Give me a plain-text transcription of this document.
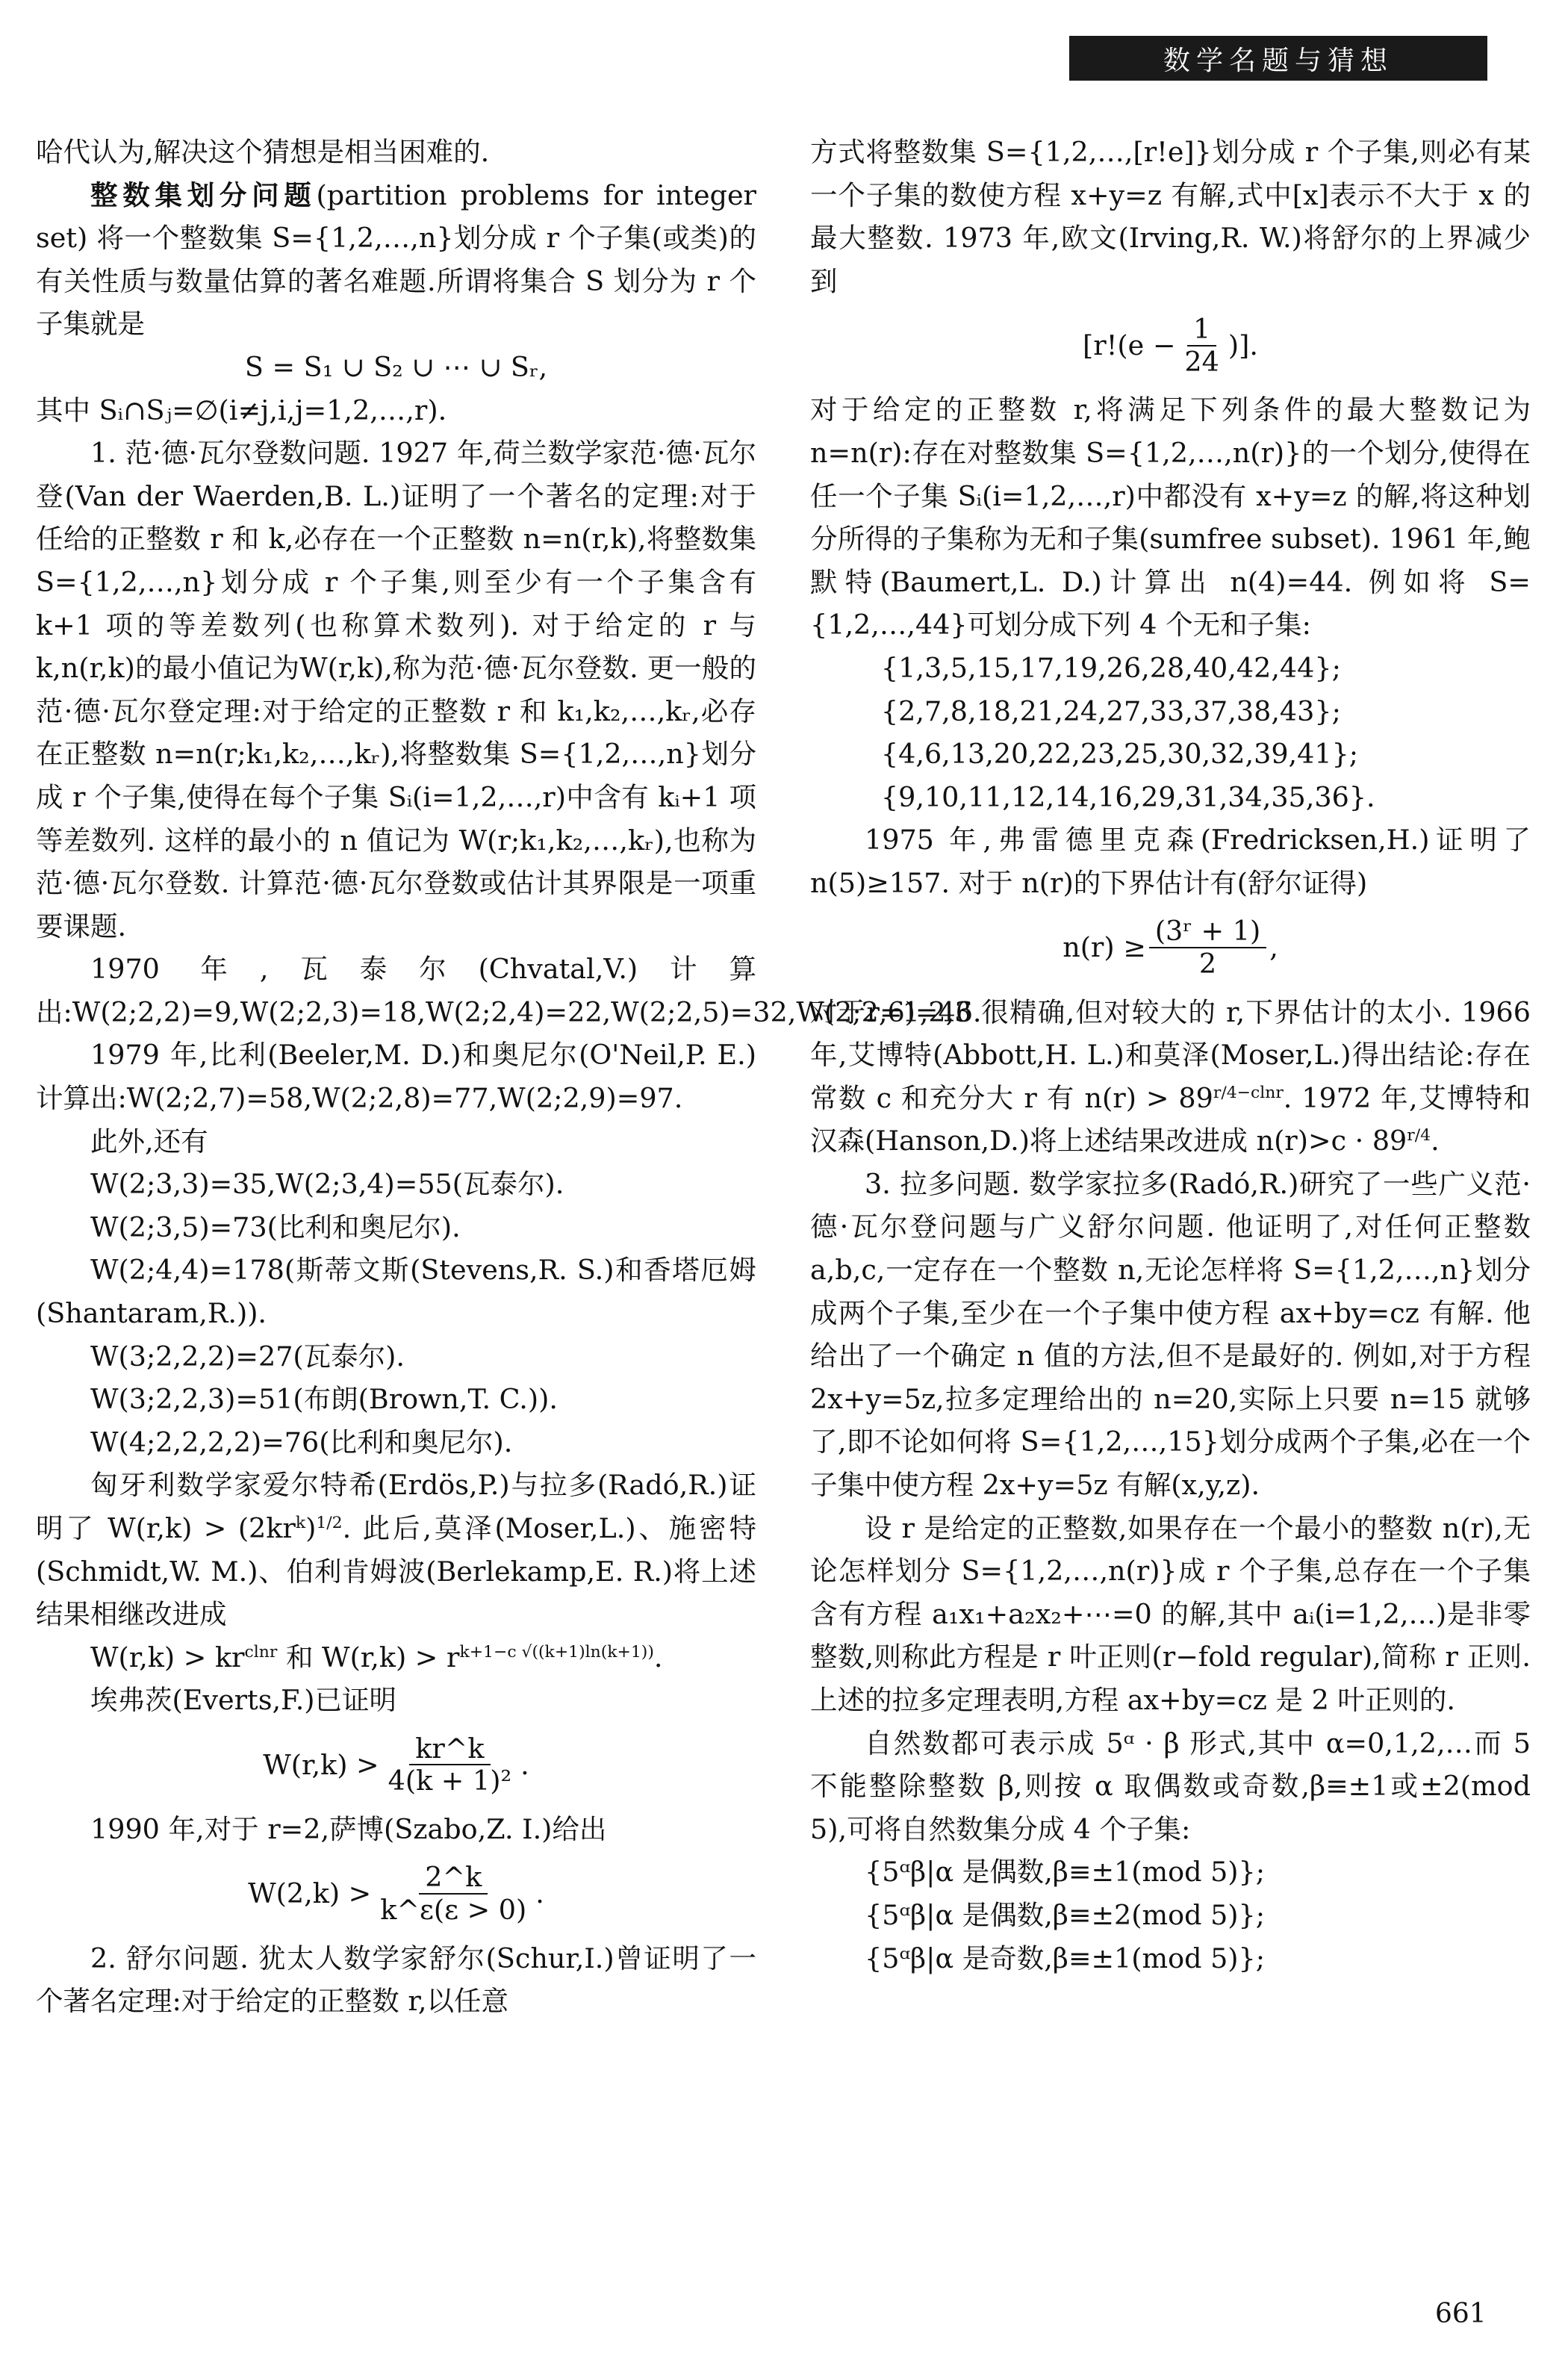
数学名题与猜想

哈代认为,解决这个猜想是相当困难的.

整数集划分问题(partition problems for integer set) 将一个整数集 S={1,2,…,n}划分成 r 个子集(或类)的有关性质与数量估算的著名难题.所谓将集合 S 划分为 r 个子集就是

S = S₁ ∪ S₂ ∪ ⋯ ∪ Sᵣ,

其中 Sᵢ∩Sⱼ=∅(i≠j,i,j=1,2,…,r).

1. 范·德·瓦尔登数问题. 1927 年,荷兰数学家范·德·瓦尔登(Van der Waerden,B. L.)证明了一个著名的定理:对于任给的正整数 r 和 k,必存在一个正整数 n=n(r,k),将整数集 S={1,2,…,n}划分成 r 个子集,则至少有一个子集含有 k+1 项的等差数列(也称算术数列). 对于给定的 r 与 k,n(r,k)的最小值记为W(r,k),称为范·德·瓦尔登数. 更一般的范·德·瓦尔登定理:对于给定的正整数 r 和 k₁,k₂,…,kᵣ,必存在正整数 n=n(r;k₁,k₂,…,kᵣ),将整数集 S={1,2,…,n}划分成 r 个子集,使得在每个子集 Sᵢ(i=1,2,…,r)中含有 kᵢ+1 项等差数列. 这样的最小的 n 值记为 W(r;k₁,k₂,…,kᵣ),也称为范·德·瓦尔登数. 计算范·德·瓦尔登数或估计其界限是一项重要课题.

1970 年,瓦泰尔(Chvatal,V.)计算出:W(2;2,2)=9,W(2;2,3)=18,W(2;2,4)=22,W(2;2,5)=32,W(2;2,6)=46.

1979 年,比利(Beeler,M. D.)和奥尼尔(O'Neil,P. E.)计算出:W(2;2,7)=58,W(2;2,8)=77,W(2;2,9)=97.

此外,还有

W(2;3,3)=35,W(2;3,4)=55(瓦泰尔).

W(2;3,5)=73(比利和奥尼尔).

W(2;4,4)=178(斯蒂文斯(Stevens,R. S.)和香塔厄姆(Shantaram,R.)).

W(3;2,2,2)=27(瓦泰尔).

W(3;2,2,3)=51(布朗(Brown,T. C.)).

W(4;2,2,2,2)=76(比利和奥尼尔).

匈牙利数学家爱尔特希(Erdös,P.)与拉多(Radó,R.)证明了 $W(r,k) > (2kr^k)^{1/2}$. 此后,莫泽(Moser,L.)、施密特(Schmidt,W. M.)、伯利肯姆波(Berlekamp,E. R.)将上述结果相继改进成

$W(r,k) > kr^{clnr}$ 和 $W(r,k) > r^{k+1-c √((k+1)ln(k+1))}$.

埃弗茨(Everts,F.)已证明

$W(r,k) > \frac{kr\^{}k}{\text{4(k + 1)²}}$ .

1990 年,对于 r=2,萨博(Szabo,Z. I.)给出

$W(2,k) > \frac{2\^{}k}{k\^{}\varepsilon(\varepsilon > 0)}$ .

2. 舒尔问题. 犹太人数学家舒尔(Schur,I.)曾证明了一个著名定理:对于给定的正整数 r,以任意

方式将整数集 S={1,2,…,[r!e]}划分成 r 个子集,则必有某一个子集的数使方程 x+y=z 有解,式中[x]表示不大于 x 的最大整数. 1973 年,欧文(Irving,R. W.)将舒尔的上界减少到

[$r!(e - \frac{1}{24}$ )].

对于给定的正整数 r,将满足下列条件的最大整数记为 n=n(r):存在对整数集 S={1,2,…,n(r)}的一个划分,使得在任一个子集 Sᵢ(i=1,2,…,r)中都没有 x+y=z 的解,将这种划分所得的子集称为无和子集(sumfree subset). 1961 年,鲍默特(Baumert,L. D.)计算出 n(4)=44. 例如将 S={1,2,…,44}可划分成下列 4 个无和子集:

{1,3,5,15,17,19,26,28,40,42,44};

{2,7,8,18,21,24,27,33,37,38,43};

{4,6,13,20,22,23,25,30,32,39,41};

{9,10,11,12,14,16,29,31,34,35,36}.

1975 年,弗雷德里克森(Fredricksen,H.)证明了 n(5)≥157. 对于 n(r)的下界估计有(舒尔证得)

$n(r) \ge \frac{\text{(3ʳ + 1)}}{2}$ ,

对于r=1,2,3 很精确,但对较大的 r,下界估计的太小. 1966 年,艾博特(Abbott,H. L.)和莫泽(Moser,L.)得出结论:存在常数 c 和充分大 r 有 $n(r) > 89^{r/4-clnr}$. 1972 年,艾博特和汉森(Hanson,D.)将上述结果改进成 $n(r)>c \cdot 89^{r/4}$.

3. 拉多问题. 数学家拉多(Radó,R.)研究了一些广义范·德·瓦尔登问题与广义舒尔问题. 他证明了,对任何正整数 a,b,c,一定存在一个整数 n,无论怎样将 S={1,2,…,n}划分成两个子集,至少在一个子集中使方程 ax+by=cz 有解. 他给出了一个确定 n 值的方法,但不是最好的. 例如,对于方程 2x+y=5z,拉多定理给出的 n=20,实际上只要 n=15 就够了,即不论如何将 S={1,2,…,15}划分成两个子集,必在一个子集中使方程 2x+y=5z 有解(x,y,z).

设 r 是给定的正整数,如果存在一个最小的整数 n(r),无论怎样划分 S={1,2,…,n(r)}成 r 个子集,总存在一个子集含有方程 a₁x₁+a₂x₂+⋯=0 的解,其中 aᵢ(i=1,2,…)是非零整数,则称此方程是 r 叶正则(r−fold regular),简称 r 正则. 上述的拉多定理表明,方程 ax+by=cz 是 2 叶正则的.

自然数都可表示成 5ᵅ · β 形式,其中 α=0,1,2,…而 5 不能整除整数 β,则按 α 取偶数或奇数,β≡±1或±2(mod 5),可将自然数集分成 4 个子集:

{5ᵅβ|α 是偶数,β≡±1(mod 5)};

{5ᵅβ|α 是偶数,β≡±2(mod 5)};

{5ᵅβ|α 是奇数,β≡±1(mod 5)};

661
